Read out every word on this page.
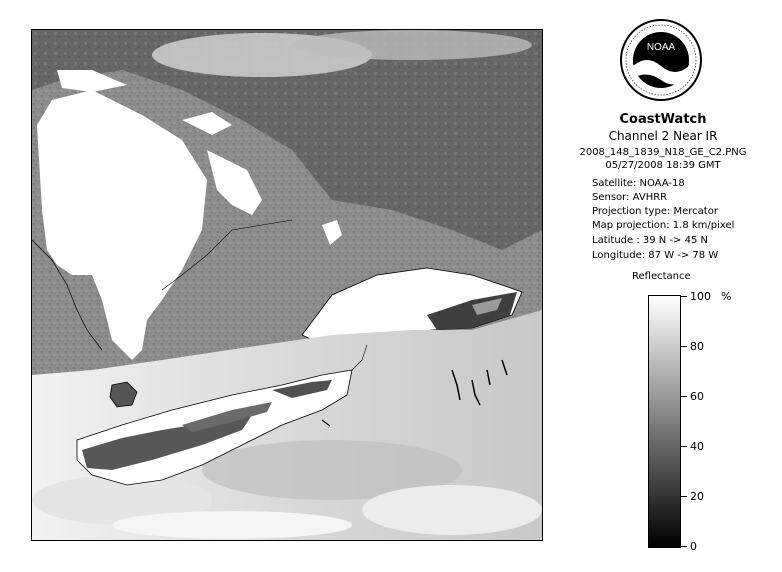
NOAA
CoastWatch
Channel 2 Near IR
2008_148_1839_N18_GE_C2.PNG
05/27/2008 18:39 GMT
Satellite: NOAA-18
Sensor: AVHRR
Projection type: Mercator
Map projection: 1.8 km/pixel
Latitude : 39 N -> 45 N
Longitude: 87 W -> 78 W
Reflectance
%
100
80
60
40
20
0
